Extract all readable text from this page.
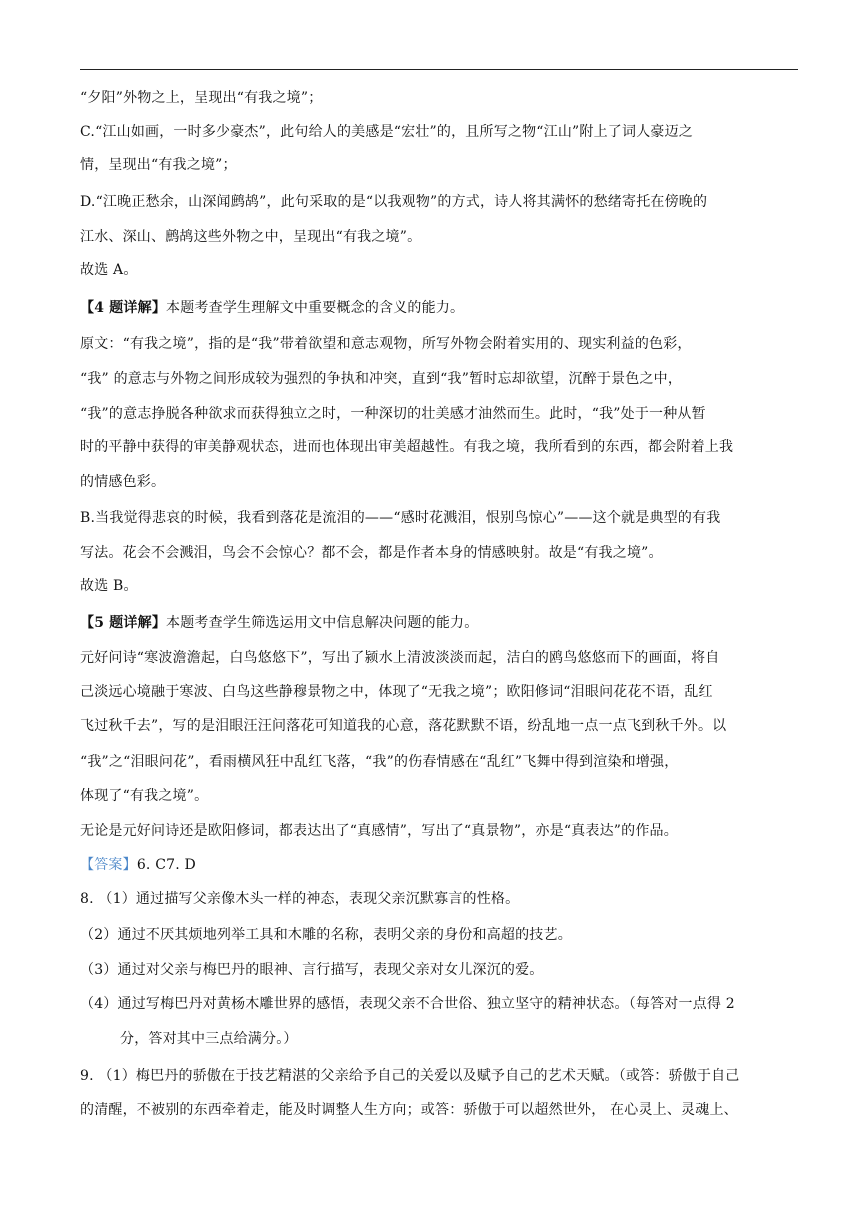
“夕阳”外物之上，呈现出“有我之境”；
C.“江山如画，一时多少豪杰”，此句给人的美感是“宏壮”的，且所写之物“江山”附上了词人豪迈之
情，呈现出“有我之境”；
D.“江晚正愁余，山深闻鹧鸪”，此句采取的是“以我观物”的方式，诗人将其满怀的愁绪寄托在傍晚的
江水、深山、鹧鸪这些外物之中，呈现出“有我之境”。
故选 A。
【4 题详解】本题考查学生理解文中重要概念的含义的能力。
原文：“有我之境”，指的是“我”带着欲望和意志观物，所写外物会附着实用的、现实利益的色彩，
“我” 的意志与外物之间形成较为强烈的争执和冲突，直到“我”暂时忘却欲望，沉醉于景色之中，
“我”的意志挣脱各种欲求而获得独立之时，一种深切的壮美感才油然而生。此时，“我”处于一种从暂
时的平静中获得的审美静观状态，进而也体现出审美超越性。有我之境，我所看到的东西，都会附着上我
的情感色彩。
B.当我觉得悲哀的时候，我看到落花是流泪的——“感时花溅泪，恨别鸟惊心”——这个就是典型的有我
写法。花会不会溅泪，鸟会不会惊心？都不会，都是作者本身的情感映射。故是“有我之境”。
故选 B。
【5 题详解】本题考查学生筛选运用文中信息解决问题的能力。
元好问诗“寒波澹澹起，白鸟悠悠下”，写出了颍水上清波淡淡而起，洁白的鸥鸟悠悠而下的画面，将自
己淡远心境融于寒波、白鸟这些静穆景物之中，体现了“无我之境”；欧阳修词“泪眼问花花不语，乱红
飞过秋千去”，写的是泪眼汪汪问落花可知道我的心意，落花默默不语，纷乱地一点一点飞到秋千外。以
“我”之“泪眼问花”，看雨横风狂中乱红飞落，“我”的伤春情感在“乱红”飞舞中得到渲染和增强，
体现了“有我之境”。
无论是元好问诗还是欧阳修词，都表达出了“真感情”，写出了“真景物”，亦是“真表达”的作品。
【答案】6. C7. D
8. （1）通过描写父亲像木头一样的神态，表现父亲沉默寡言的性格。
（2）通过不厌其烦地列举工具和木雕的名称，表明父亲的身份和高超的技艺。
（3）通过对父亲与梅巴丹的眼神、言行描写，表现父亲对女儿深沉的爱。
（4）通过写梅巴丹对黄杨木雕世界的感悟，表现父亲不合世俗、独立坚守的精神状态。（每答对一点得 2
分，答对其中三点给满分。）
9. （1）梅巴丹的骄傲在于技艺精湛的父亲给予自己的关爱以及赋予自己的艺术天赋。（或答：骄傲于自己
的清醒，不被别的东西牵着走，能及时调整人生方向；或答：骄傲于可以超然世外， 在心灵上、灵魂上、
